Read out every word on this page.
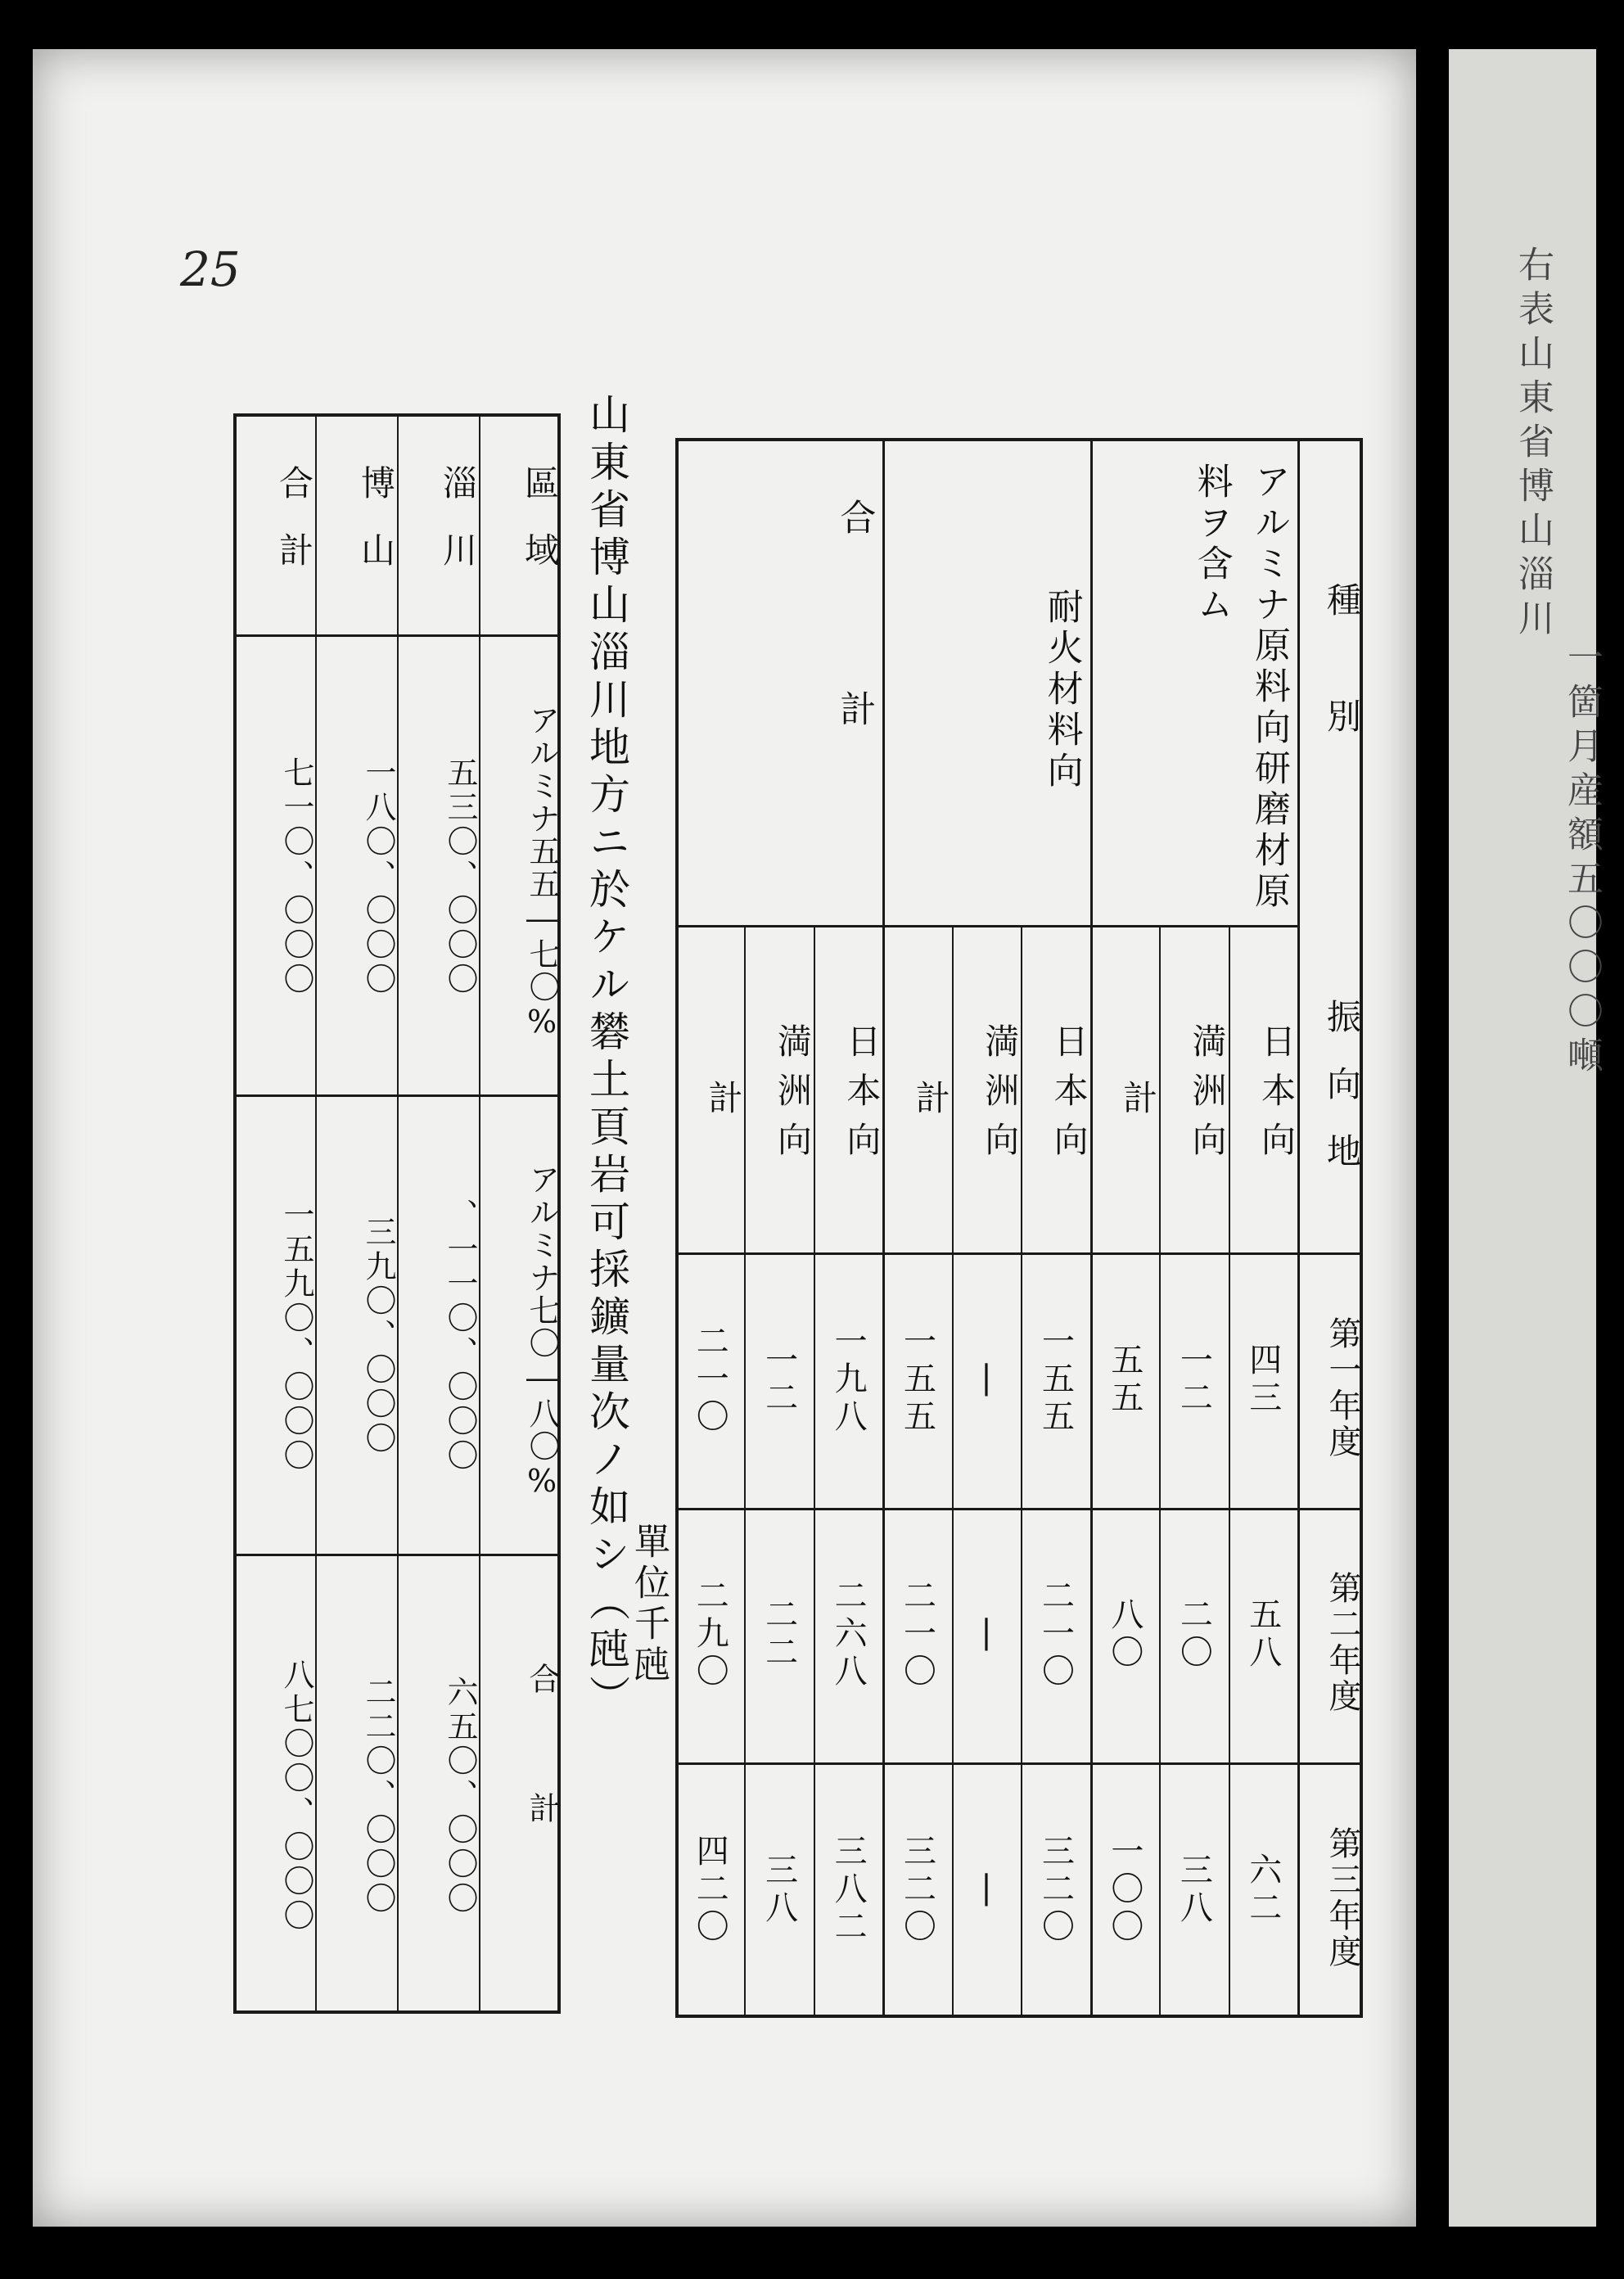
25	右表山東省博山淄川
一箇月産額五〇〇〇噸
種別
振向地
第一年度
第二年度
第三年度
アルミナ原料向研磨材原料ヲ含ム
日本向
四三
五八
六二
満洲向
一二
二〇
三八
計
五五
八〇
一〇〇
耐火材料向
日本向
一五五
二一〇
三二〇
満洲向
|
|
|
計
一五五
二一〇
三二〇
合計
日本向
一九八
二六八
三八二
満洲向
一二
二二
三八
計
二一〇
二九〇
四二〇
山東省博山淄川地方ニ於ケル礬土頁岩可採鑛量次ノ如シ（瓲）
單位千瓲
區域
淄川
博山
合計
アルミナ五五―七〇%
五三〇、〇〇〇
一八〇、〇〇〇
七一〇、〇〇〇
アルミナ七〇―八〇%
、一一〇、〇〇〇
三九〇、〇〇〇
一五九〇、〇〇〇
合計
六五〇、〇〇〇
二二〇、〇〇〇
八七〇〇、〇〇〇
